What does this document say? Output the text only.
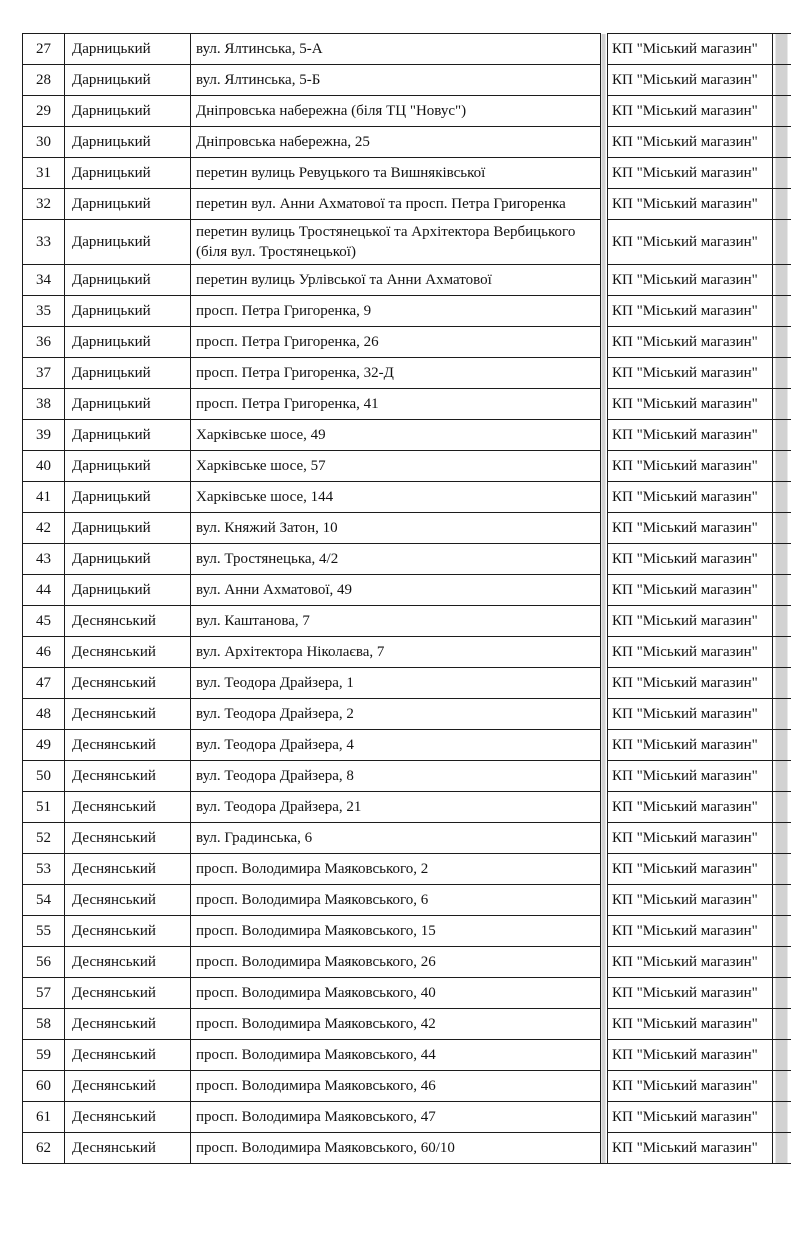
27	Дарницький	вул. Ялтинська, 5-А		КП "Міський магазин"	
28	Дарницький	вул. Ялтинська, 5-Б		КП "Міський магазин"	
29	Дарницький	Дніпровська набережна (біля ТЦ "Новус")		КП "Міський магазин"	
30	Дарницький	Дніпровська набережна, 25		КП "Міський магазин"	
31	Дарницький	перетин вулиць Ревуцького та Вишняківської		КП "Міський магазин"	
32	Дарницький	перетин вул. Анни Ахматової та просп. Петра Григоренка		КП "Міський магазин"	
33	Дарницький	перетин вулиць Тростянецької та Архітектора Вербицького (біля вул. Тростянецької)		КП "Міський магазин"	
34	Дарницький	перетин вулиць Урлівської та Анни Ахматової		КП "Міський магазин"	
35	Дарницький	просп. Петра Григоренка, 9		КП "Міський магазин"	
36	Дарницький	просп. Петра Григоренка, 26		КП "Міський магазин"	
37	Дарницький	просп. Петра Григоренка, 32-Д		КП "Міський магазин"	
38	Дарницький	просп. Петра Григоренка, 41		КП "Міський магазин"	
39	Дарницький	Харківське шосе, 49		КП "Міський магазин"	
40	Дарницький	Харківське шосе, 57		КП "Міський магазин"	
41	Дарницький	Харківське шосе, 144		КП "Міський магазин"	
42	Дарницький	вул. Княжий Затон, 10		КП "Міський магазин"	
43	Дарницький	вул. Тростянецька, 4/2		КП "Міський магазин"	
44	Дарницький	вул. Анни Ахматової, 49		КП "Міський магазин"	
45	Деснянський	вул. Каштанова, 7		КП "Міський магазин"	
46	Деснянський	вул. Архітектора Ніколаєва, 7		КП "Міський магазин"	
47	Деснянський	вул. Теодора Драйзера, 1		КП "Міський магазин"	
48	Деснянський	вул. Теодора Драйзера, 2		КП "Міський магазин"	
49	Деснянський	вул. Теодора Драйзера, 4		КП "Міський магазин"	
50	Деснянський	вул. Теодора Драйзера, 8		КП "Міський магазин"	
51	Деснянський	вул. Теодора Драйзера, 21		КП "Міський магазин"	
52	Деснянський	вул. Градинська, 6		КП "Міський магазин"	
53	Деснянський	просп. Володимира Маяковського, 2		КП "Міський магазин"	
54	Деснянський	просп. Володимира Маяковського, 6		КП "Міський магазин"	
55	Деснянський	просп. Володимира Маяковського, 15		КП "Міський магазин"	
56	Деснянський	просп. Володимира Маяковського, 26		КП "Міський магазин"	
57	Деснянський	просп. Володимира Маяковського, 40		КП "Міський магазин"	
58	Деснянський	просп. Володимира Маяковського, 42		КП "Міський магазин"	
59	Деснянський	просп. Володимира Маяковського, 44		КП "Міський магазин"	
60	Деснянський	просп. Володимира Маяковського, 46		КП "Міський магазин"	
61	Деснянський	просп. Володимира Маяковського, 47		КП "Міський магазин"	
62	Деснянський	просп. Володимира Маяковського, 60/10		КП "Міський магазин"	
